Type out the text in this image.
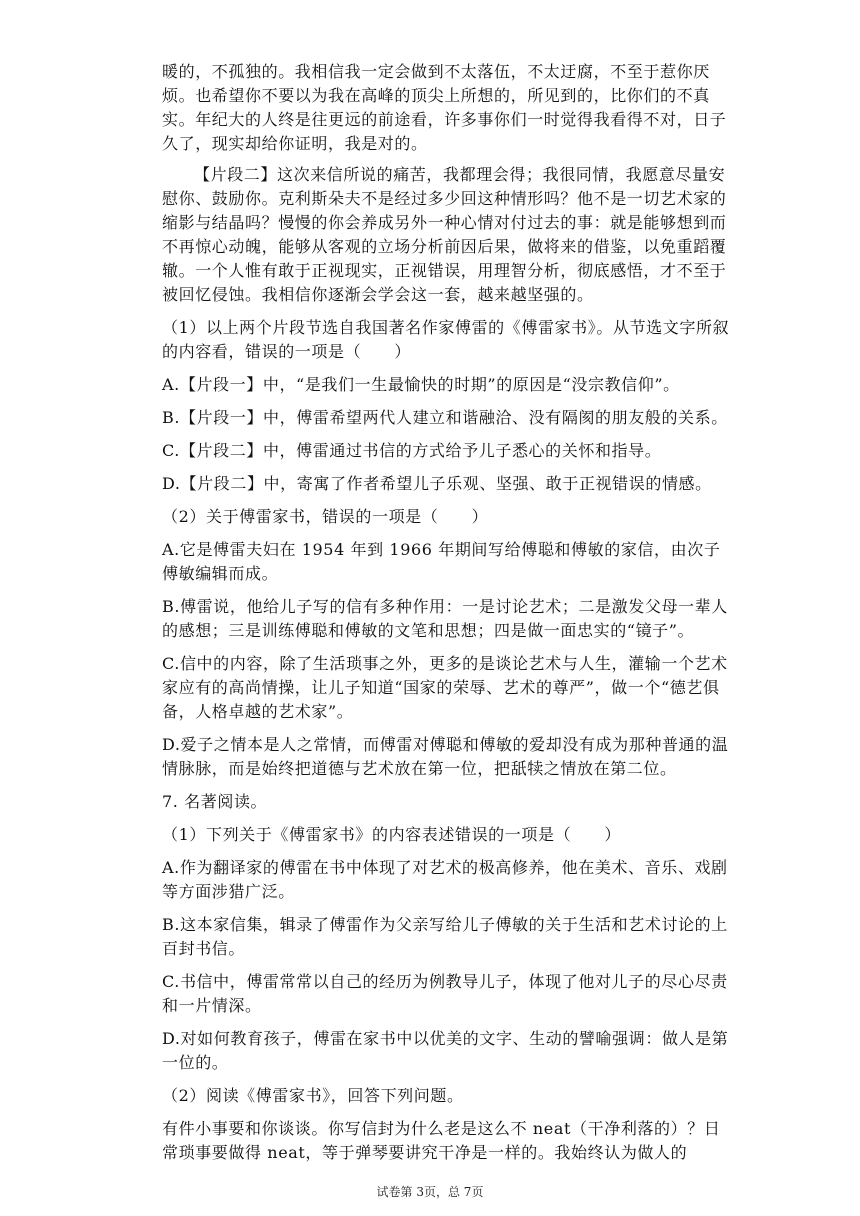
暖的，不孤独的。我相信我一定会做到不太落伍，不太迂腐，不至于惹你厌烦。也希望你不要以为我在高峰的顶尖上所想的，所见到的，比你们的不真实。年纪大的人终是往更远的前途看，许多事你们一时觉得我看得不对，日子久了，现实却给你证明，我是对的。

【片段二】这次来信所说的痛苦，我都理会得；我很同情，我愿意尽量安慰你、鼓励你。克利斯朵夫不是经过多少回这种情形吗？他不是一切艺术家的缩影与结晶吗？慢慢的你会养成另外一种心情对付过去的事：就是能够想到而不再惊心动魄，能够从客观的立场分析前因后果，做将来的借鉴，以免重蹈覆辙。一个人惟有敢于正视现实，正视错误，用理智分析，彻底感悟，才不至于被回忆侵蚀。我相信你逐渐会学会这一套，越来越坚强的。

（1）以上两个片段节选自我国著名作家傅雷的《傅雷家书》。从节选文字所叙的内容看，错误的一项是（　　）

A.【片段一】中，“是我们一生最愉快的时期”的原因是“没宗教信仰”。

B.【片段一】中，傅雷希望两代人建立和谐融洽、没有隔阂的朋友般的关系。

C.【片段二】中，傅雷通过书信的方式给予儿子悉心的关怀和指导。

D.【片段二】中，寄寓了作者希望儿子乐观、坚强、敢于正视错误的情感。

（2）关于傅雷家书，错误的一项是（　　）

A.它是傅雷夫妇在 1954 年到 1966 年期间写给傅聪和傅敏的家信，由次子傅敏编辑而成。

B.傅雷说，他给儿子写的信有多种作用：一是讨论艺术；二是激发父母一辈人的感想；三是训练傅聪和傅敏的文笔和思想；四是做一面忠实的“镜子”。

C.信中的内容，除了生活琐事之外，更多的是谈论艺术与人生，灌输一个艺术家应有的高尚情操，让儿子知道“国家的荣辱、艺术的尊严”，做一个“德艺俱备，人格卓越的艺术家”。

D.爱子之情本是人之常情，而傅雷对傅聪和傅敏的爱却没有成为那种普通的温情脉脉，而是始终把道德与艺术放在第一位，把舐犊之情放在第二位。

7. 名著阅读。

（1）下列关于《傅雷家书》的内容表述错误的一项是（　　）

A.作为翻译家的傅雷在书中体现了对艺术的极高修养，他在美术、音乐、戏剧等方面涉猎广泛。

B.这本家信集，辑录了傅雷作为父亲写给儿子傅敏的关于生活和艺术讨论的上百封书信。

C.书信中，傅雷常常以自己的经历为例教导儿子，体现了他对儿子的尽心尽责和一片情深。

D.对如何教育孩子，傅雷在家书中以优美的文字、生动的譬喻强调：做人是第一位的。

（2）阅读《傅雷家书》，回答下列问题。

有件小事要和你谈谈。你写信封为什么老是这么不 neat（干净利落的）？日常琐事要做得 neat，等于弹琴要讲究干净是一样的。我始终认为做人的

试卷第 3页，总 7页
